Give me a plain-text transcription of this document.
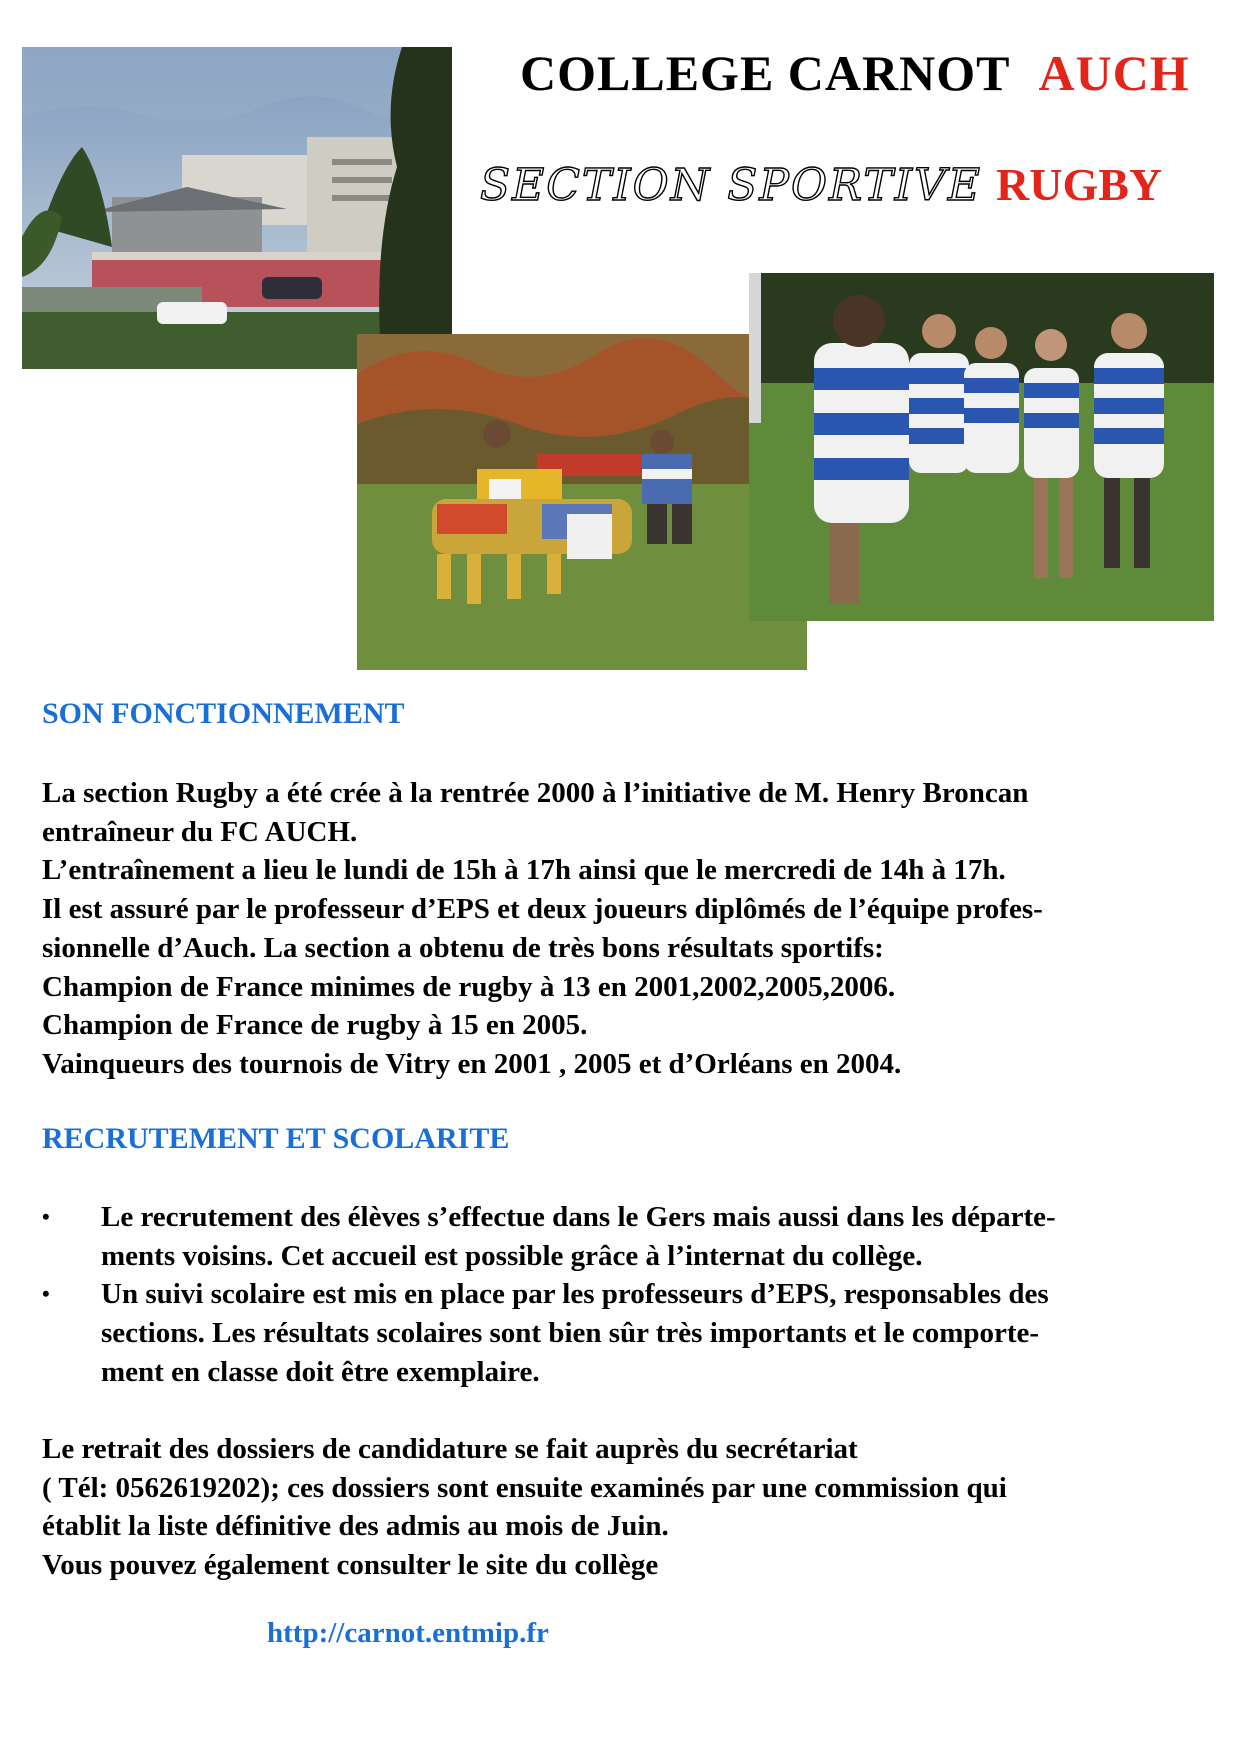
COLLEGE CARNOT AUCH
SECTION SPORTIVE RUGBY
SON FONCTIONNEMENT
La section Rugby a été crée à la rentrée 2000 à l’initiative de M. Henry Broncan
entraîneur du FC AUCH.
L’entraînement a lieu le lundi de 15h à 17h ainsi que le mercredi de 14h à 17h.
Il est assuré par le professeur d’EPS et deux joueurs diplômés de l’équipe profes-
sionnelle d’Auch. La section a obtenu de très bons résultats sportifs:
Champion de France minimes de rugby à 13 en 2001,2002,2005,2006.
Champion de France de rugby à 15 en 2005.
Vainqueurs des tournois de Vitry en 2001 , 2005 et d’Orléans en 2004.
RECRUTEMENT ET SCOLARITE
• Le recrutement des élèves s’effectue dans le Gers mais aussi dans les départe-
ments voisins. Cet accueil est possible grâce à l’internat du collège.
• Un suivi scolaire est mis en place par les professeurs d’EPS, responsables des
sections. Les résultats scolaires sont bien sûr très importants et le comporte-
ment en classe doit être exemplaire.
Le retrait des dossiers de candidature se fait auprès du secrétariat
( Tél: 0562619202); ces dossiers sont ensuite examinés par une commission qui
établit la liste définitive des admis au mois de Juin.
Vous pouvez également consulter le site du collège
http://carnot.entmip.fr
